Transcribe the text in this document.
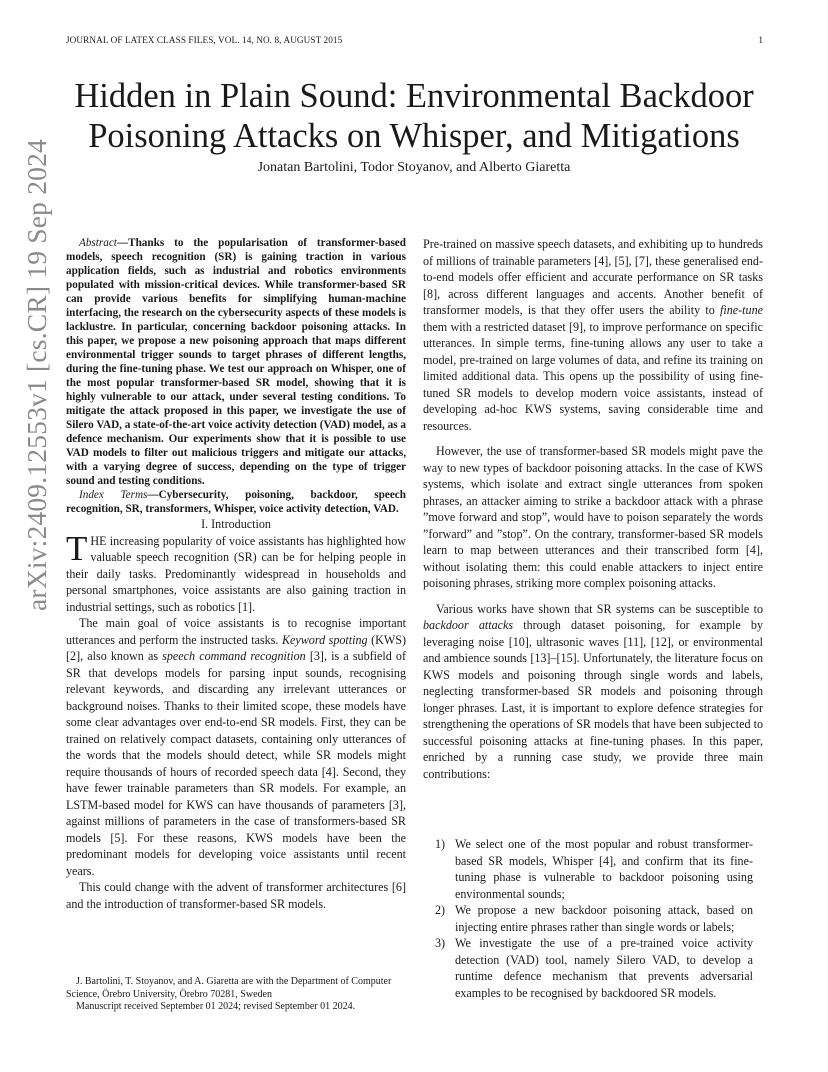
JOURNAL OF LATEX CLASS FILES, VOL. 14, NO. 8, AUGUST 2015	1
arXiv:2409.12553v1 [cs.CR] 19 Sep 2024
Hidden in Plain Sound: Environmental Backdoor
Poisoning Attacks on Whisper, and Mitigations
Jonatan Bartolini, Todor Stoyanov, and Alberto Giaretta

Abstract—Thanks to the popularisation of transformer-based models, speech recognition (SR) is gaining traction in various application fields, such as industrial and robotics environments populated with mission-critical devices. While transformer-based SR can provide various benefits for simplifying human-machine interfacing, the research on the cybersecurity aspects of these models is lacklustre. In particular, concerning backdoor poisoning attacks. In this paper, we propose a new poisoning approach that maps different environmental trigger sounds to target phrases of different lengths, during the fine-tuning phase. We test our approach on Whisper, one of the most popular transformer-based SR model, showing that it is highly vulnerable to our attack, under several testing conditions. To mitigate the attack proposed in this paper, we investigate the use of Silero VAD, a state-of-the-art voice activity detection (VAD) model, as a defence mechanism. Our experiments show that it is possible to use VAD models to filter out malicious triggers and mitigate our attacks, with a varying degree of success, depending on the type of trigger sound and testing conditions.

Index Terms—Cybersecurity, poisoning, backdoor, speech recognition, SR, transformers, Whisper, voice activity detection, VAD.

I. Introduction

THE increasing popularity of voice assistants has highlighted how valuable speech recognition (SR) can be for helping people in their daily tasks. Predominantly widespread in households and personal smartphones, voice assistants are also gaining traction in industrial settings, such as robotics [1].

The main goal of voice assistants is to recognise important utterances and perform the instructed tasks. Keyword spotting (KWS) [2], also known as speech command recognition [3], is a subfield of SR that develops models for parsing input sounds, recognising relevant keywords, and discarding any irrelevant utterances or background noises. Thanks to their limited scope, these models have some clear advantages over end-to-end SR models. First, they can be trained on relatively compact datasets, containing only utterances of the words that the models should detect, while SR models might require thousands of hours of recorded speech data [4]. Second, they have fewer trainable parameters than SR models. For example, an LSTM-based model for KWS can have thousands of parameters [3], against millions of parameters in the case of transformers-based SR models [5]. For these reasons, KWS models have been the predominant models for developing voice assistants until recent years.

This could change with the advent of transformer architectures [6] and the introduction of transformer-based SR models.

J. Bartolini, T. Stoyanov, and A. Giaretta are with the Department of Computer Science, Örebro University, Örebro 70281, Sweden

Manuscript received September 01 2024; revised September 01 2024.

Pre-trained on massive speech datasets, and exhibiting up to hundreds of millions of trainable parameters [4], [5], [7], these generalised end-to-end models offer efficient and accurate performance on SR tasks [8], across different languages and accents. Another benefit of transformer models, is that they offer users the ability to fine-tune them with a restricted dataset [9], to improve performance on specific utterances. In simple terms, fine-tuning allows any user to take a model, pre-trained on large volumes of data, and refine its training on limited additional data. This opens up the possibility of using fine-tuned SR models to develop modern voice assistants, instead of developing ad-hoc KWS systems, saving considerable time and resources.

However, the use of transformer-based SR models might pave the way to new types of backdoor poisoning attacks. In the case of KWS systems, which isolate and extract single utterances from spoken phrases, an attacker aiming to strike a backdoor attack with a phrase ”move forward and stop”, would have to poison separately the words ”forward” and ”stop”. On the contrary, transformer-based SR models learn to map between utterances and their transcribed form [4], without isolating them: this could enable attackers to inject entire poisoning phrases, striking more complex poisoning attacks.

Various works have shown that SR systems can be susceptible to backdoor attacks through dataset poisoning, for example by leveraging noise [10], ultrasonic waves [11], [12], or environmental and ambience sounds [13]–[15]. Unfortunately, the literature focus on KWS models and poisoning through single words and labels, neglecting transformer-based SR models and poisoning through longer phrases. Last, it is important to explore defence strategies for strengthening the operations of SR models that have been subjected to successful poisoning attacks at fine-tuning phases. In this paper, enriched by a running case study, we provide three main contributions:

1) We select one of the most popular and robust transformer-based SR models, Whisper [4], and confirm that its fine-tuning phase is vulnerable to backdoor poisoning using environmental sounds;
2) We propose a new backdoor poisoning attack, based on injecting entire phrases rather than single words or labels;
3) We investigate the use of a pre-trained voice activity detection (VAD) tool, namely Silero VAD, to develop a runtime defence mechanism that prevents adversarial examples to be recognised by backdoored SR models.
